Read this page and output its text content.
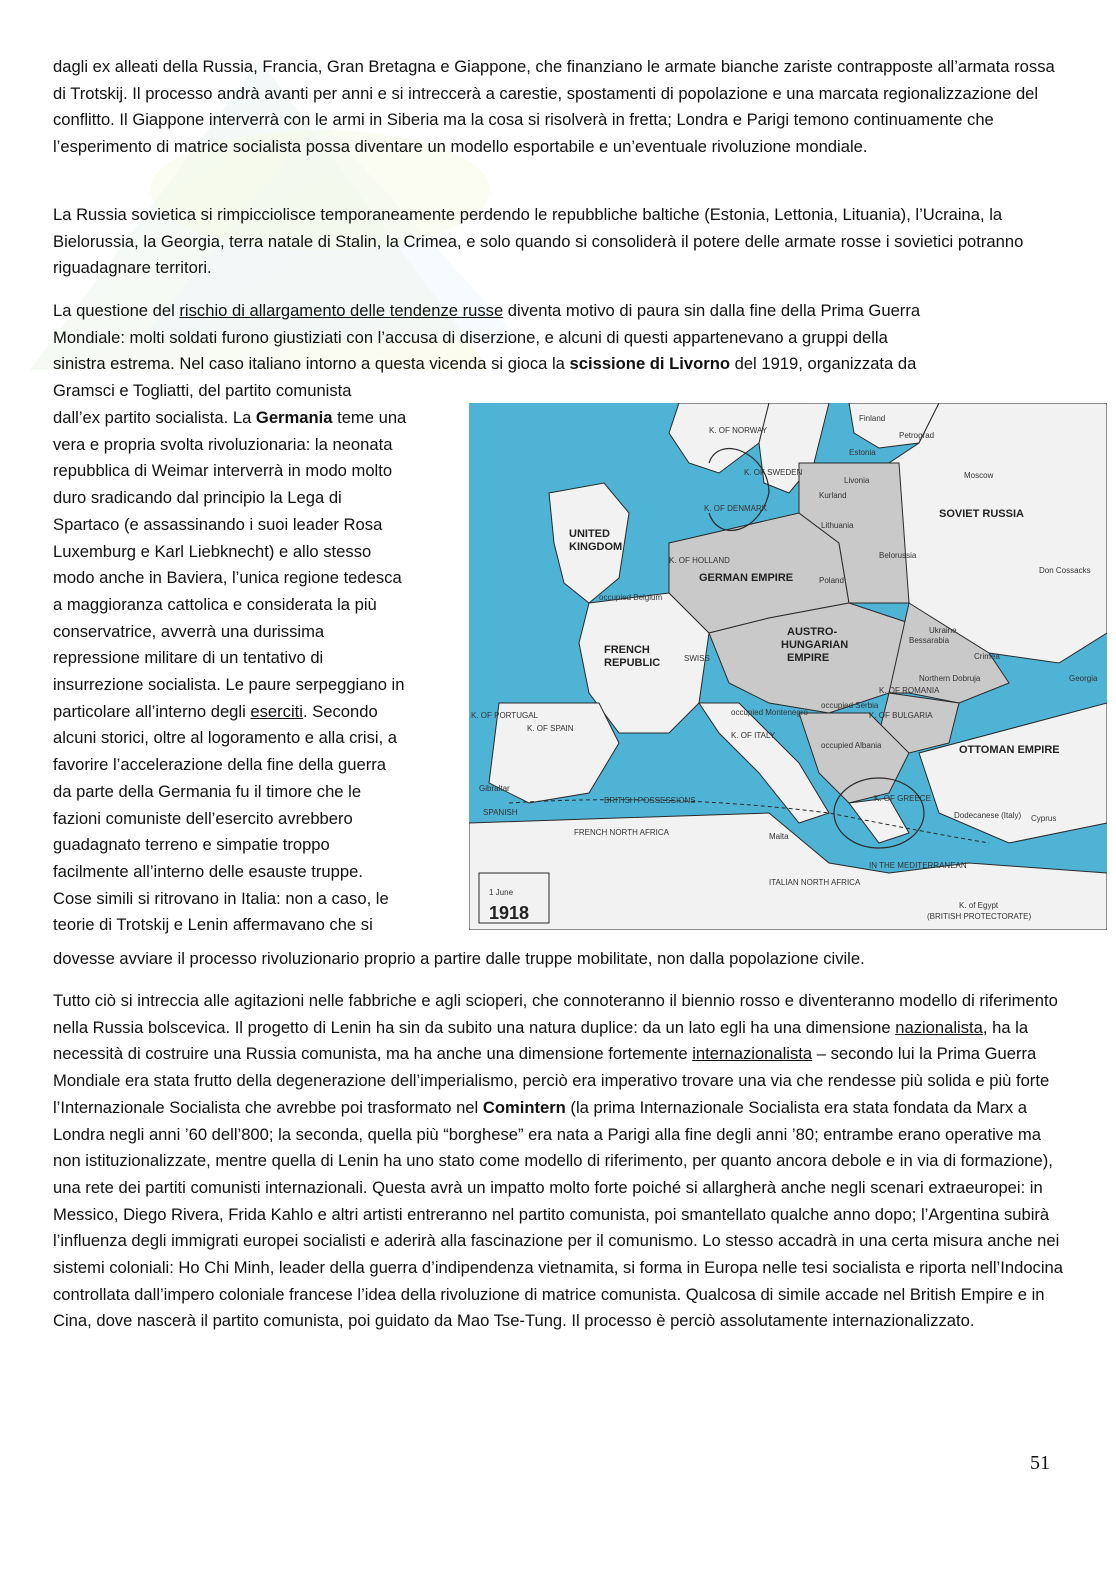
dagli ex alleati della Russia, Francia, Gran Bretagna e Giappone, che finanziano le armate bianche zariste contrapposte all’armata rossa di Trotskij. Il processo andrà avanti per anni e si intreccerà a carestie, spostamenti di popolazione e una marcata regionalizzazione del conflitto. Il Giappone interverrà con le armi in Siberia ma la cosa si risolverà in fretta; Londra e Parigi temono continuamente che l’esperimento di matrice socialista possa diventare un modello esportabile e un’eventuale rivoluzione mondiale.

La Russia sovietica si rimpicciolisce temporaneamente perdendo le repubbliche baltiche (Estonia, Lettonia, Lituania), l’Ucraina, la Bielorussia, la Georgia, terra natale di Stalin, la Crimea, e solo quando si consoliderà il potere delle armate rosse i sovietici potranno riguadagnare territori.

La questione del rischio di allargamento delle tendenze russe diventa motivo di paura sin dalla fine della Prima Guerra
Mondiale: molti soldati furono giustiziati con l’accusa di diserzione, e alcuni di questi appartenevano a gruppi della
sinistra estrema. Nel caso italiano intorno a questa vicenda si gioca la scissione di Livorno del 1919, organizzata da
Gramsci e Togliatti, del partito comunista

dall’ex partito socialista. La Germania teme una
vera e propria svolta rivoluzionaria: la neonata
repubblica di Weimar interverrà in modo molto
duro sradicando dal principio la Lega di
Spartaco (e assassinando i suoi leader Rosa
Luxemburg e Karl Liebknecht) e allo stesso
modo anche in Baviera, l’unica regione tedesca
a maggioranza cattolica e considerata la più
conservatrice, avverrà una durissima
repressione militare di un tentativo di
insurrezione socialista. Le paure serpeggiano in
particolare all’interno degli eserciti. Secondo
alcuni storici, oltre al logoramento e alla crisi, a
favorire l’accelerazione della fine della guerra
da parte della Germania fu il timore che le
fazioni comuniste dell’esercito avrebbero
guadagnato terreno e simpatie troppo
facilmente all’interno delle esauste truppe.
Cose simili si ritrovano in Italia: non a caso, le
teorie di Trotskij e Lenin affermavano che si

dovesse avviare il processo rivoluzionario proprio a partire dalle truppe mobilitate, non dalla popolazione civile.

Tutto ciò si intreccia alle agitazioni nelle fabbriche e agli scioperi, che connoteranno il biennio rosso e diventeranno modello di riferimento nella Russia bolscevica. Il progetto di Lenin ha sin da subito una natura duplice: da un lato egli ha una dimensione nazionalista, ha la necessità di costruire una Russia comunista, ma ha anche una dimensione fortemente internazionalista – secondo lui la Prima Guerra Mondiale era stata frutto della degenerazione dell’imperialismo, perciò era imperativo trovare una via che rendesse più solida e più forte l’Internazionale Socialista che avrebbe poi trasformato nel Comintern (la prima Internazionale Socialista era stata fondata da Marx a Londra negli anni ’60 dell’800; la seconda, quella più “borghese” era nata a Parigi alla fine degli anni ’80; entrambe erano operative ma non istituzionalizzate, mentre quella di Lenin ha uno stato come modello di riferimento, per quanto ancora debole e in via di formazione), una rete dei partiti comunisti internazionali. Questa avrà un impatto molto forte poiché si allargherà anche negli scenari extraeuropei: in Messico, Diego Rivera, Frida Kahlo e altri artisti entreranno nel partito comunista, poi smantellato qualche anno dopo; l’Argentina subirà l’influenza degli immigrati europei socialisti e aderirà alla fascinazione per il comunismo. Lo stesso accadrà in una certa misura anche nei sistemi coloniali: Ho Chi Minh, leader della guerra d’indipendenza vietnamita, si forma in Europa nelle tesi socialista e riporta nell’Indocina controllata dall’impero coloniale francese l’idea della rivoluzione di matrice comunista. Qualcosa di simile accade nel British Empire e in Cina, dove nascerà il partito comunista, poi guidato da Mao Tse-Tung. Il processo è perciò assolutamente internazionalizzato.

K. OF NORWAY
K. OF SWEDEN
K. OF DENMARK
Finland
Petrograd
Estonia
Livonia
Kurland
Moscow
Lithuania
K. OF HOLLAND
Poland
Belorussia
occupied Belgium
Ukraine
Don Cossacks
SWISS
Bessarabia
K. OF ROMANIA
Crimea
Northern Dobruja	Georgia
K. OF PORTUGAL
K. OF SPAIN
occupied Montenegro
occupied Serbia
K. OF BULGARIA
K. OF ITALY
occupied Albania
Gibraltar
SPANISH
BRITISH POSSESSIONS	K. OF GREECE
Dodecanese (Italy) Cyprus
FRENCH NORTH AFRICA	Malta
IN THE MEDITERRANEAN
ITALIAN NORTH AFRICA
K. of Egypt
(BRITISH PROTECTORATE)
1 June
SOVIET RUSSIA
UNITED
KINGDOM
GERMAN EMPIRE
FRENCH
REPUBLIC
AUSTRO-
HUNGARIAN
EMPIRE
OTTOMAN EMPIRE
1918
51
